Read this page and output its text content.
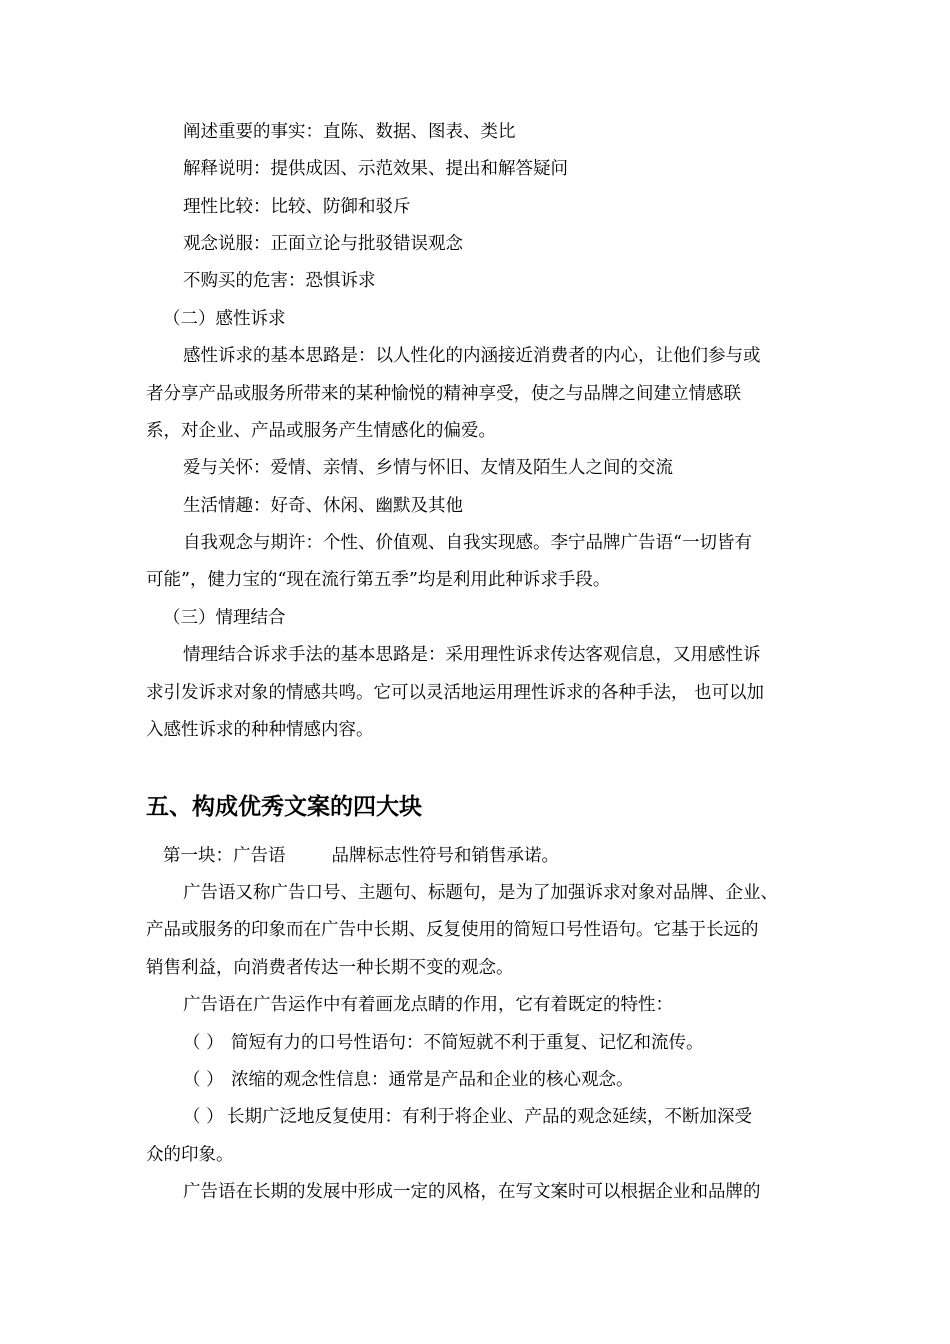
阐述重要的事实：直陈、数据、图表、类比
解释说明：提供成因、示范效果、提出和解答疑问
理性比较：比较、防御和驳斥
观念说服：正面立论与批驳错误观念
不购买的危害：恐惧诉求
（二）感性诉求
感性诉求的基本思路是：以人性化的内涵接近消费者的内心，让他们参与或
者分享产品或服务所带来的某种愉悦的精神享受，使之与品牌之间建立情感联
系，对企业、产品或服务产生情感化的偏爱。
爱与关怀：爱情、亲情、乡情与怀旧、友情及陌生人之间的交流
生活情趣：好奇、休闲、幽默及其他
自我观念与期许：个性、价值观、自我实现感。李宁品牌广告语“一切皆有
可能”，健力宝的“现在流行第五季”均是利用此种诉求手段。
（三）情理结合
情理结合诉求手法的基本思路是：采用理性诉求传达客观信息，又用感性诉
求引发诉求对象的情感共鸣。它可以灵活地运用理性诉求的各种手法， 也可以加
入感性诉求的种种情感内容。
五、构成优秀文案的四大块
第一块：广告语	品牌标志性符号和销售承诺。
广告语又称广告口号、主题句、标题句，是为了加强诉求对象对品牌、企业、
产品或服务的印象而在广告中长期、反复使用的简短口号性语句。它基于长远的
销售利益，向消费者传达一种长期不变的观念。
广告语在广告运作中有着画龙点睛的作用，它有着既定的特性：
（ ） 简短有力的口号性语句：不简短就不利于重复、记忆和流传。
（ ） 浓缩的观念性信息：通常是产品和企业的核心观念。
（ ） 长期广泛地反复使用：有利于将企业、产品的观念延续，不断加深受
众的印象。
广告语在长期的发展中形成一定的风格，在写文案时可以根据企业和品牌的
